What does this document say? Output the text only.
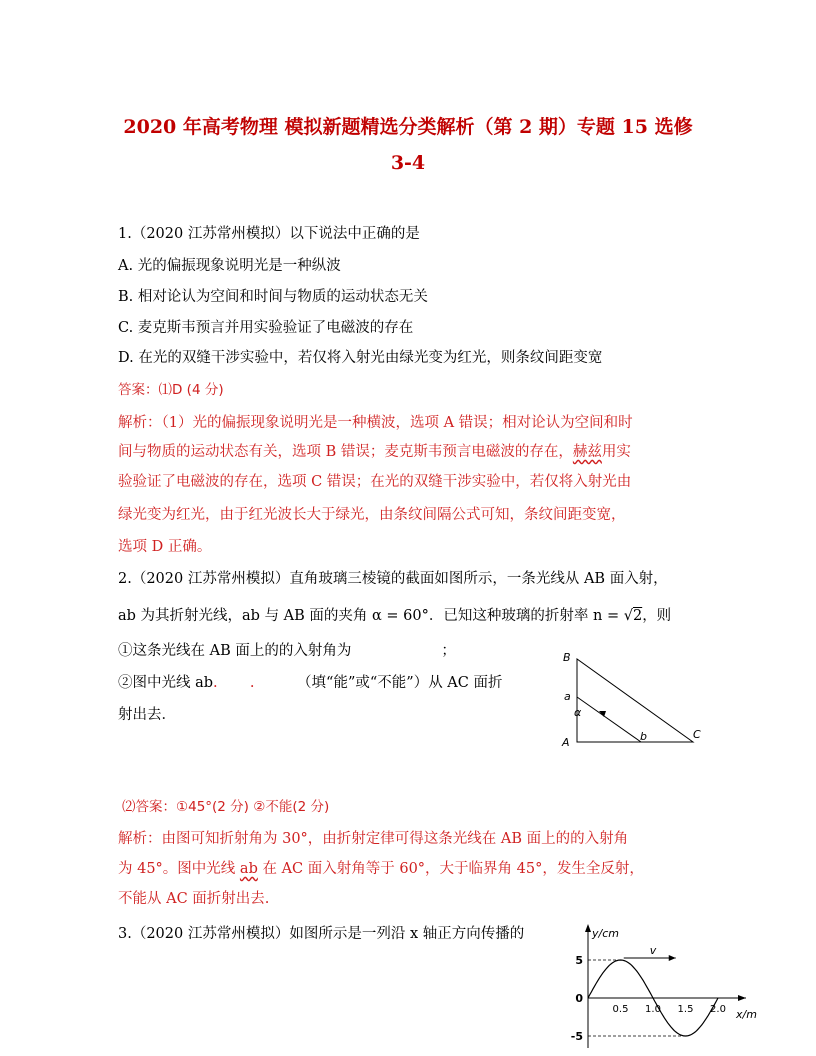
2020 年高考物理 模拟新题精选分类解析（第 2 期）专题 15 选修
3-4
1.（2020 江苏常州模拟）以下说法中正确的是
A. 光的偏振现象说明光是一种纵波
B. 相对论认为空间和时间与物质的运动状态无关
C. 麦克斯韦预言并用实验验证了电磁波的存在
D. 在光的双缝干涉实验中，若仅将入射光由绿光变为红光，则条纹间距变宽
答案：⑴D (4 分)
解析：（1）光的偏振现象说明光是一种横波，选项 A 错误；相对论认为空间和时
间与物质的运动状态有关，选项 B 错误；麦克斯韦预言电磁波的存在，赫兹用实
验验证了电磁波的存在，选项 C 错误；在光的双缝干涉实验中，若仅将入射光由
绿光变为红光，由于红光波长大于绿光，由条纹间隔公式可知，条纹间距变宽，
选项 D 正确。
2.（2020 江苏常州模拟）直角玻璃三棱镜的截面如图所示，一条光线从 AB 面入射，
ab 为其折射光线，ab 与 AB 面的夹角 α = 60°．已知这种玻璃的折射率 n = √2，则
①这条光线在 AB 面上的的入射角为	；
②图中光线 ab.       .	（填“能”或“不能”）从 AC 面折
射出去．
B
a
α
A	b	C
⑵答案：①45°(2 分) ②不能(2 分)
解析：由图可知折射角为 30°，由折射定律可得这条光线在 AB 面上的的入射角
为 45°。图中光线 ab 在 AC 面入射角等于 60°，大于临界角 45°，发生全反射，
不能从 AC 面折射出去.
3.（2020 江苏常州模拟）如图所示是一列沿 x 轴正方向传播的	y/cm
x/m
5
0
-5
0.5 1.0 1.5 2.0
v
